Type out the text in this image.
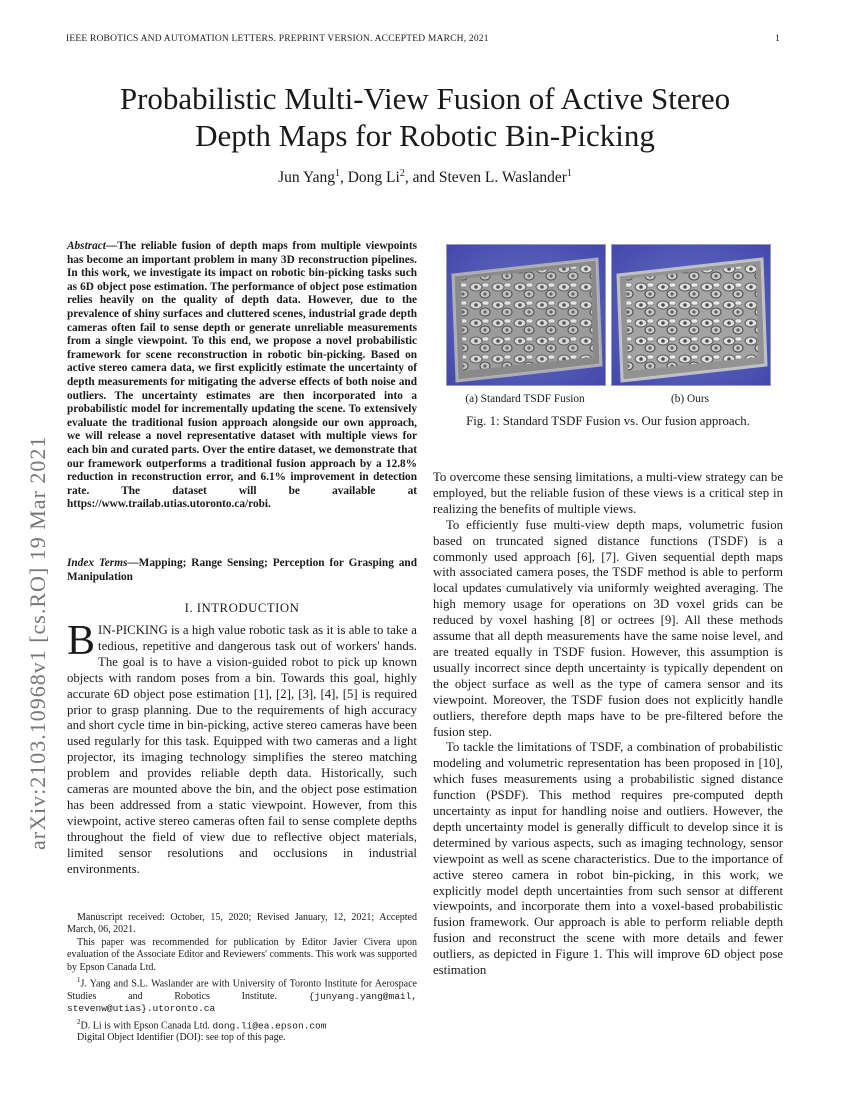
IEEE ROBOTICS AND AUTOMATION LETTERS. PREPRINT VERSION. ACCEPTED MARCH, 2021	1
Probabilistic Multi-View Fusion of Active Stereo
Depth Maps for Robotic Bin-Picking
Jun Yang$^1$, Dong Li$^2$, and Steven L. Waslander$^1$
arXiv:2103.10968v1 [cs.RO] 19 Mar 2021
Abstract—The reliable fusion of depth maps from multiple viewpoints has become an important problem in many 3D reconstruction pipelines. In this work, we investigate its impact on robotic bin-picking tasks such as 6D object pose estimation. The performance of object pose estimation relies heavily on the quality of depth data. However, due to the prevalence of shiny surfaces and cluttered scenes, industrial grade depth cameras often fail to sense depth or generate unreliable measurements from a single viewpoint. To this end, we propose a novel probabilistic framework for scene reconstruction in robotic bin-picking. Based on active stereo camera data, we first explicitly estimate the uncertainty of depth measurements for mitigating the adverse effects of both noise and outliers. The uncertainty estimates are then incorporated into a probabilistic model for incrementally updating the scene. To extensively evaluate the traditional fusion approach alongside our own approach, we will release a novel representative dataset with multiple views for each bin and curated parts. Over the entire dataset, we demonstrate that our framework outperforms a traditional fusion approach by a 12.8% reduction in reconstruction error, and 6.1% improvement in detection rate. The dataset will be available at https://www.trailab.utias.utoronto.ca/robi.
Index Terms—Mapping; Range Sensing; Perception for Grasping and Manipulation
I. INTRODUCTION
BIN-PICKING is a high value robotic task as it is able to take a tedious, repetitive and dangerous task out of workers' hands. The goal is to have a vision-guided robot to pick up known objects with random poses from a bin. Towards this goal, highly accurate 6D object pose estimation [1], [2], [3], [4], [5] is required prior to grasp planning. Due to the requirements of high accuracy and short cycle time in bin-picking, active stereo cameras have been used regularly for this task. Equipped with two cameras and a light projector, its imaging technology simplifies the stereo matching problem and provides reliable depth data. Historically, such cameras are mounted above the bin, and the object pose estimation has been addressed from a static viewpoint. However, from this viewpoint, active stereo cameras often fail to sense complete depths throughout the field of view due to reflective object materials, limited sensor resolutions and occlusions in industrial environments.

Manuscript received: October, 15, 2020; Revised January, 12, 2021; Accepted March, 06, 2021.

This paper was recommended for publication by Editor Javier Civera upon evaluation of the Associate Editor and Reviewers' comments. This work was supported by Epson Canada Ltd.

$^1$J. Yang and S.L. Waslander are with University of Toronto Institute for Aerospace Studies and Robotics Institute.	{junyang.yang@mail, stevenw@utias}.utoronto.ca

$^2$D. Li is with Epson Canada Ltd. dong.li@ea.epson.com

Digital Object Identifier (DOI): see top of this page.

(a) Standard TSDF Fusion	(b) Ours
Fig. 1: Standard TSDF Fusion vs. Our fusion approach.

To overcome these sensing limitations, a multi-view strategy can be employed, but the reliable fusion of these views is a critical step in realizing the benefits of multiple views.

To efficiently fuse multi-view depth maps, volumetric fusion based on truncated signed distance functions (TSDF) is a commonly used approach [6], [7]. Given sequential depth maps with associated camera poses, the TSDF method is able to perform local updates cumulatively via uniformly weighted averaging. The high memory usage for operations on 3D voxel grids can be reduced by voxel hashing [8] or octrees [9]. All these methods assume that all depth measurements have the same noise level, and are treated equally in TSDF fusion. However, this assumption is usually incorrect since depth uncertainty is typically dependent on the object surface as well as the type of camera sensor and its viewpoint. Moreover, the TSDF fusion does not explicitly handle outliers, therefore depth maps have to be pre-filtered before the fusion step.

To tackle the limitations of TSDF, a combination of probabilistic modeling and volumetric representation has been proposed in [10], which fuses measurements using a probabilistic signed distance function (PSDF). This method requires pre-computed depth uncertainty as input for handling noise and outliers. However, the depth uncertainty model is generally difficult to develop since it is determined by various aspects, such as imaging technology, sensor viewpoint as well as scene characteristics. Due to the importance of active stereo camera in robot bin-picking, in this work, we explicitly model depth uncertainties from such sensor at different viewpoints, and incorporate them into a voxel-based probabilistic fusion framework. Our approach is able to perform reliable depth fusion and reconstruct the scene with more details and fewer outliers, as depicted in Figure 1. This will improve 6D object pose estimation
